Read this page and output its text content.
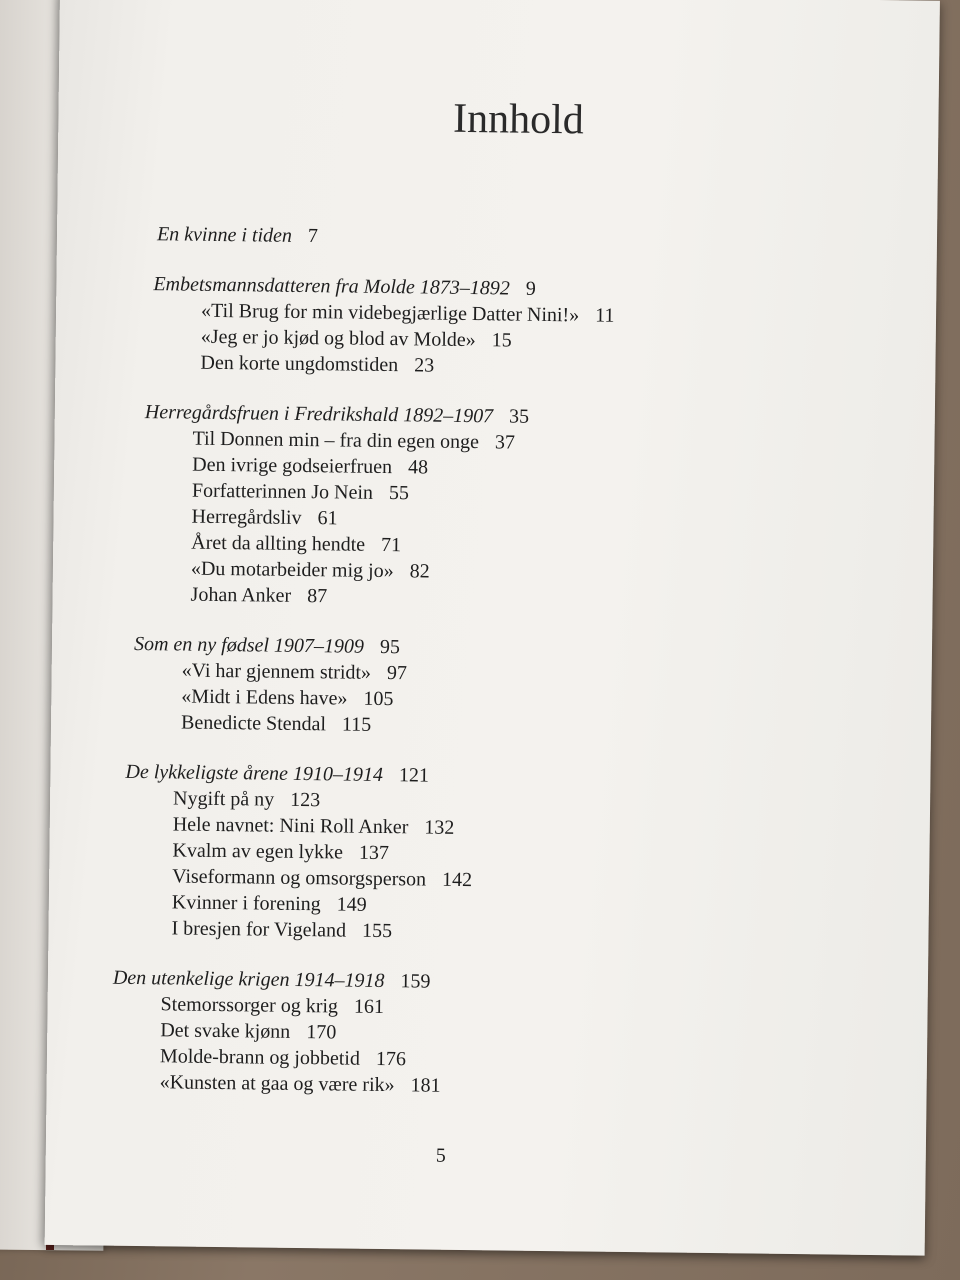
Innhold
En kvinne i tiden 7
Embetsmannsdatteren fra Molde 1873–1892 9
«Til Brug for min videbegjærlige Datter Nini!» 11
«Jeg er jo kjød og blod av Molde» 15
Den korte ungdomstiden 23
Herregårdsfruen i Fredrikshald 1892–1907 35
Til Donnen min – fra din egen onge 37
Den ivrige godseierfruen 48
Forfatterinnen Jo Nein 55
Herregårdsliv 61
Året da allting hendte 71
«Du motarbeider mig jo» 82
Johan Anker 87
Som en ny fødsel 1907–1909 95
«Vi har gjennem stridt» 97
«Midt i Edens have» 105
Benedicte Stendal 115
De lykkeligste årene 1910–1914 121
Nygift på ny 123
Hele navnet: Nini Roll Anker 132
Kvalm av egen lykke 137
Viseformann og omsorgsperson 142
Kvinner i forening 149
I bresjen for Vigeland 155
Den utenkelige krigen 1914–1918 159
Stemorssorger og krig 161
Det svake kjønn 170
Molde-brann og jobbetid 176
«Kunsten at gaa og være rik» 181
5
